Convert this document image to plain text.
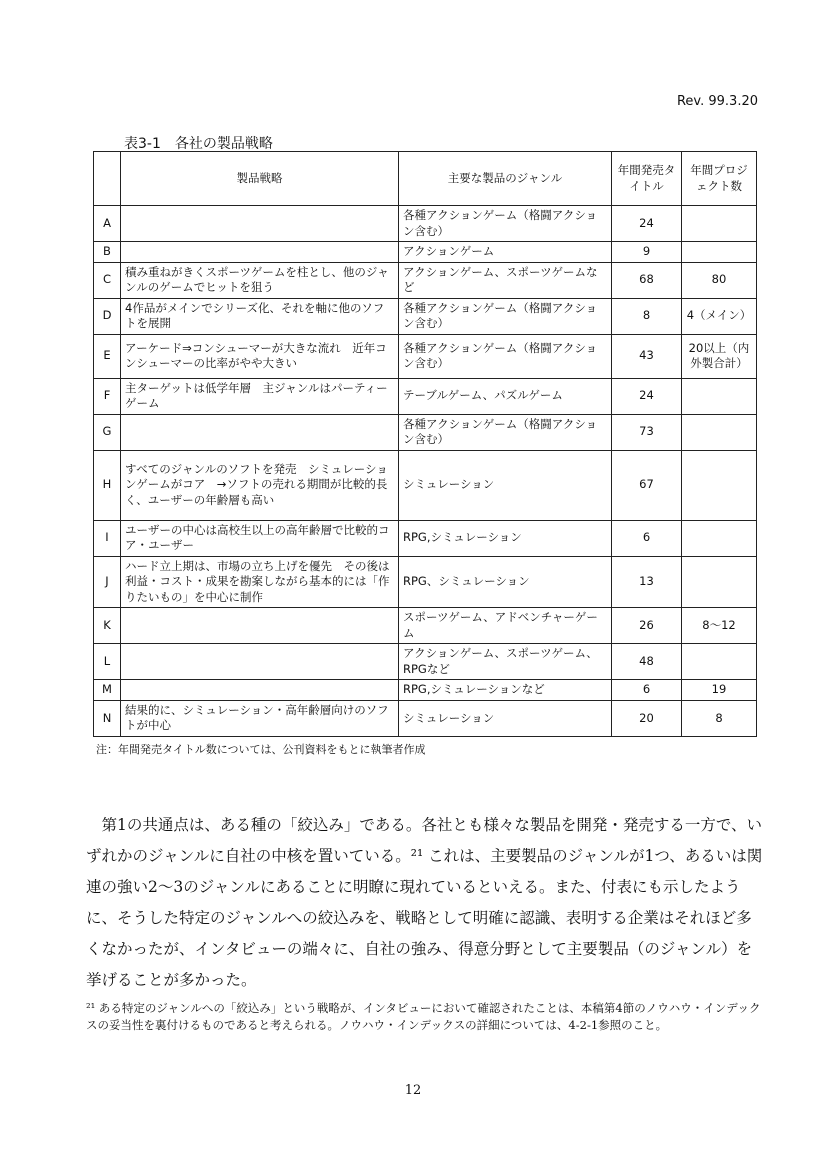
Rev. 99.3.20
表3-1　各社の製品戦略
	製品戦略	主要な製品のジャンル	年間発売タイトル	年間プロジェクト数
A		各種アクションゲーム（格闘アクション含む）	24	
B		アクションゲーム	9	
C	積み重ねがきくスポーツゲームを柱とし、他のジャンルのゲームでヒットを狙う	アクションゲーム、スポーツゲームなど	68	80
D	4作品がメインでシリーズ化、それを軸に他のソフトを展開	各種アクションゲーム（格闘アクション含む）	8	4（メイン）
E	アーケード⇒コンシューマーが大きな流れ　近年コンシューマーの比率がやや大きい	各種アクションゲーム（格闘アクション含む）	43	20以上（内外製合計）
F	主ターゲットは低学年層　主ジャンルはパーティーゲーム	テーブルゲーム、パズルゲーム	24	
G		各種アクションゲーム（格闘アクション含む）	73	
H	すべてのジャンルのソフトを発売　シミュレーションゲームがコア　→ソフトの売れる期間が比較的長く、ユーザーの年齢層も高い	シミュレーション	67	
I	ユーザーの中心は高校生以上の高年齢層で比較的コア・ユーザー	RPG,シミュレーション	6	
J	ハード立上期は、市場の立ち上げを優先　その後は利益・コスト・成果を勘案しながら基本的には「作りたいもの」を中心に制作	RPG、シミュレーション	13	
K		スポーツゲーム、アドベンチャーゲーム	26	8～12
L		アクションゲーム、スポーツゲーム、RPGなど	48	
M		RPG,シミュレーションなど	6	19
N	結果的に、シミュレーション・高年齢層向けのソフトが中心	シミュレーション	20	8
注：年間発売タイトル数については、公刊資料をもとに執筆者作成

第1の共通点は、ある種の「絞込み」である。各社とも様々な製品を開発・発売する一方で、いずれかのジャンルに自社の中核を置いている。²¹ これは、主要製品のジャンルが1つ、あるいは関連の強い2～3のジャンルにあることに明瞭に現れているといえる。また、付表にも示したように、そうした特定のジャンルへの絞込みを、戦略として明確に認識、表明する企業はそれほど多くなかったが、インタビューの端々に、自社の強み、得意分野として主要製品（のジャンル）を挙げることが多かった。

²¹ ある特定のジャンルへの「絞込み」という戦略が、インタビューにおいて確認されたことは、本稿第4節のノウハウ・インデックスの妥当性を裏付けるものであると考えられる。ノウハウ・インデックスの詳細については、4-2-1参照のこと。

12
